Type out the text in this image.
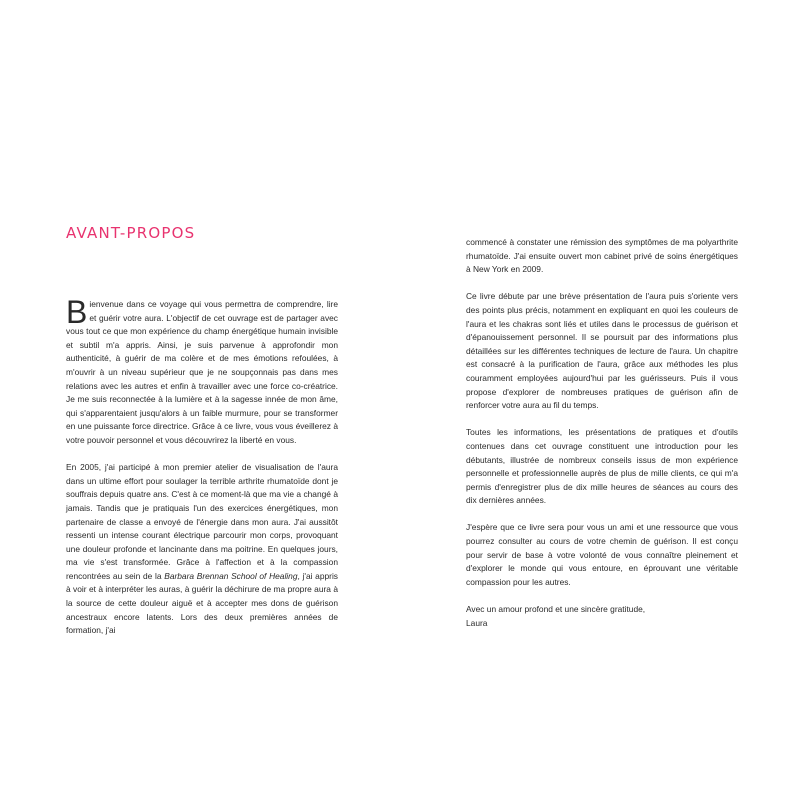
AVANT-PROPOS

Bienvenue dans ce voyage qui vous permettra de comprendre, lire et guérir votre aura. L'objectif de cet ouvrage est de partager avec vous tout ce que mon expérience du champ énergétique humain invisible et subtil m'a appris. Ainsi, je suis parvenue à approfondir mon authenticité, à guérir de ma colère et de mes émotions refoulées, à m'ouvrir à un niveau supérieur que je ne soupçonnais pas dans mes relations avec les autres et enfin à travailler avec une force co-créatrice. Je me suis reconnectée à la lumière et à la sagesse innée de mon âme, qui s'apparentaient jusqu'alors à un faible murmure, pour se transformer en une puissante force directrice. Grâce à ce livre, vous vous éveillerez à votre pouvoir personnel et vous découvrirez la liberté en vous.

En 2005, j'ai participé à mon premier atelier de visualisation de l'aura dans un ultime effort pour soulager la terrible arthrite rhumatoïde dont je souffrais depuis quatre ans. C'est à ce moment-là que ma vie a changé à jamais. Tandis que je pratiquais l'un des exercices énergétiques, mon partenaire de classe a envoyé de l'énergie dans mon aura. J'ai aussitôt ressenti un intense courant électrique parcourir mon corps, provoquant une douleur profonde et lancinante dans ma poitrine. En quelques jours, ma vie s'est transformée. Grâce à l'affection et à la compassion rencontrées au sein de la Barbara Brennan School of Healing, j'ai appris à voir et à interpréter les auras, à guérir la déchirure de ma propre aura à la source de cette douleur aiguë et à accepter mes dons de guérison ancestraux encore latents. Lors des deux premières années de formation, j'ai

commencé à constater une rémission des symptômes de ma polyarthrite rhumatoïde. J'ai ensuite ouvert mon cabinet privé de soins énergétiques à New York en 2009.

Ce livre débute par une brève présentation de l'aura puis s'oriente vers des points plus précis, notamment en expliquant en quoi les couleurs de l'aura et les chakras sont liés et utiles dans le processus de guérison et d'épanouissement personnel. Il se poursuit par des informations plus détaillées sur les différentes techniques de lecture de l'aura. Un chapitre est consacré à la purification de l'aura, grâce aux méthodes les plus couramment employées aujourd'hui par les guérisseurs. Puis il vous propose d'explorer de nombreuses pratiques de guérison afin de renforcer votre aura au fil du temps.

Toutes les informations, les présentations de pratiques et d'outils contenues dans cet ouvrage constituent une introduction pour les débutants, illustrée de nombreux conseils issus de mon expérience personnelle et professionnelle auprès de plus de mille clients, ce qui m'a permis d'enregistrer plus de dix mille heures de séances au cours des dix dernières années.

J'espère que ce livre sera pour vous un ami et une ressource que vous pourrez consulter au cours de votre chemin de guérison. Il est conçu pour servir de base à votre volonté de vous connaître pleinement et d'explorer le monde qui vous entoure, en éprouvant une véritable compassion pour les autres.

Avec un amour profond et une sincère gratitude,
Laura
